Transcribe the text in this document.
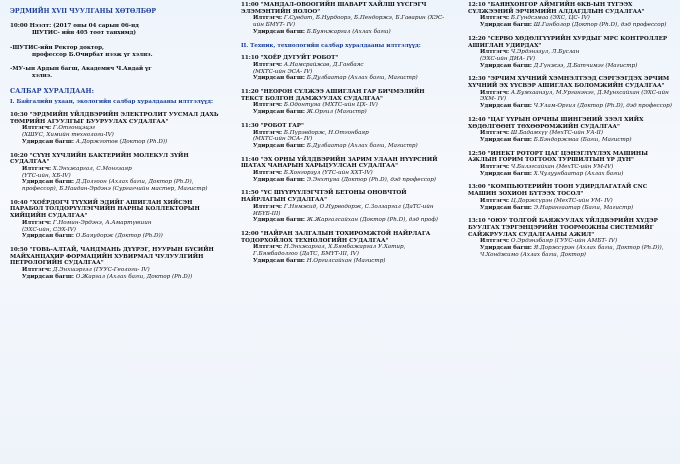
ЭРДМИЙН XVII ЧУУЛГАНЫ ХӨТӨЛБӨР
10:00 Нээлт: (2017 оны 04 сарын 06-нд
ШУТИС- ийн 405 тоот танхимд)
-ШУТИС-ийн Ректор доктор,
профессор Б.Очирбат нээж үг хэлнэ.
-МУ-ын Ардын багш, Академич Ч.Авдай үг
хэлнэ.
САЛБАР ХУРАЛДААН:
I. Байгалийн ухаан, экологийн салбар хуралдааны илтгэлүүд:
10:30 "ЭРДМИЙН ҮЙЛДВЭРИЙН ЭЛЕКТРОЛИТ УУСМАЛ ДАХЬ ТӨМРИЙН АГУУЛГЫГ БУУРУУЛАХ СУДАЛГАА"
Илтгэгч: Г.Отгонцэцэг
(ХШУС, Химийн технологи-IV)
Удирдсан багш: А.Доржготов (Доктор (Ph.D))
10:20 "СҮҮН ХҮЧЛИЙН БАКТЕРИЙН МОЛЕКУЛ ЗҮЙН СУДАЛГАА"
Илтгэгч: Х.Энхжаргал, С.Монгзаяр
(ҮТС-ийн, ХБ-IV)
Удирдсан багш: Д.Долгоон (Ахлах багш, Доктор (Ph.D), профессор), Б.Наидан-Эрдэнэ (Сургагчийн мастер, Магистр)
10:40 "ХОЁРДОГЧ ТҮҮХИЙ ЭДИЙГ АШИГЛАН ХИЙСЭН ПАРАБОЛ ТОЛДОРҮҮЛЭГЧИЙН НАРНЫ КОЛЛЕКТОРЫН ХИЙЦИЙН СУДАЛГАА"
Илтгэгч: Г.Номин-Эрдэнэ, А.Амартүвшин
(ЭХС-ийн, СЭХ-IV)
Удирдсан багш: О.Баяудорж (Доктор (Ph.D))
10:50 "ГОВЬ-АЛТАЙ, ЧАНДМАНЬ ДҮҮРЭГ, НУУРЫН БҮСИЙН МАЙХАНЦАХИР ФОРМАЦИЙН ХУВИРМАЛ ЧУЛУУЛГИЙН ПЕТРОЛОГИЙН СУДАЛГАА"
Илтгэгч: Д.Энхшэргэл (ГУУС-Геологи- IV)
Удирдсан багш: О.Жаргал (Ахлах багш, Доктор (Ph.D))
11:00 "МАНДАЛ-ОВООГИЙН ШАВАРТ ХАЙЛШ ҮҮСГЭГЧ ЭЛЭМЭНТИЙН ЯОЛОО"
Илтгэгч: Г.Сувдат, Б.Нурдоорэ, Б.Пендоржэ, Б.Гаварин (ХЭС-ийн БМҮТ- IV)
Удирдсан багш: Б.Буянжаргал (Ахлах багш)
II. Техник, технологийн салбар хуралдааны илтгэлүүд:
11:10 "ХОЁР ДУГУЙТ РОБОТ"
Илтгэгч: А.Намсрайжав, Д.Ганбаяс
(МХТС-ийн ЭСА- IV)
Удирдсан багш: Б.Дулбаатар (Ахлах багш, Магистр)
11:20 "НЕОРОН СҮЛЖЭЭ АШИГЛАН ГАР БИЧМЭЛИЙН ТЕКСТ БОЛГОН ДАМЖУУЛАХ СУДАЛГАА"
Илтгэгч: Б.Одонтуяа (МХТС-ийн ЦХ- IV)
Удирдсан багш: Ж.Оргил (Магистр)
11:30 "РОБОТ ГАР"
Илтгэгч: Б.Пүрэвдорж, Н.Отгонбаяр
(МХТС-ийн ЭСА- IV)
Удирдсан багш: Б.Дулбаатар (Ахлах багш, Магистр)
11:40 "ЭХ ОРНЫ ҮЙЛДВЭРИЙН ЗАРИМ УЛААН НҮҮРСНИЙ ШАТАХ ЧАНАРЫН ХАРЬЦУУЛСАН СУДАЛГАА"
Илтгэгч: Б.Хонгорзул (ҮТС-ийн ХХТ-IV)
Удирдсан багш: Э.Энхтуяа (Доктор (Ph.D), дэд профессор)
11:50 "ҮС ШҮҮРҮҮЛЭГЧТЭЙ БЕТОНЫ ОНОВЧТОЙ НАЙРЛАГЫН СУДАЛГАА"
Илтгэгч: Г.Нямжид, О.Нурводорж, С.Золзаргал (ДаТС-ийн ИБҮБ-III)
Удирдсан багш: Ж.Жаргалсайхан (Доктор (Ph.D), дэд проф)
12:00 "НАЙРАН ЗАЛГАЛЫН ТОХИРОМЖТОЙ НАЙРЛАГА ТОДОРХОЙЛОХ ТЕХНОЛОГИЙН СУДАЛГАА"
Илтгэгч: Н.Энхжаргал, Х.Бямбажаргал У.Хатир, Г.Бямбадолгоо (ДаТС, БМҮТ-III, IV)
Удирдсан багш: Н.Оргилсайхан (Магистр)
12:10 "БАЯНХОНГОР АЙМГИЙН 6КВ-ЫН ТҮГЭЭХ СҮЛЖЭЭНИЙ ЭРЧИМИЙН АЛДАГДЛЫН СУДАЛГАА"
Илтгэгч: Б.Гүндсэмаа (ЭХС, ЦС- IV)
Удирдсан багш: Ш.Ганболор (Доктор (Ph.D), дэд профессор)
12:20 "СЕРВО ХӨДӨЛГҮҮРИЙН ХУРДЫГ МРС КОНТРОЛЛЕР АШИГЛАН УДИРДАХ"
Илтгэгч: Ч.Эрдэнэзул, Л.Буслан
(ЭХС-ийн ДИА- IV)
Удирдсан багш: Д.Гүнжээ, Д.Батчимэг (Магистр)
12:30 "ЭРЧИМ ХҮЧНИЙ ХЭМНЭЛТЭЭД СЭРГЭЭГДЭХ ЭРЧИМ ХҮЧНИЙ ЭХ ҮҮСВЭР АШИГЛАХ БОЛОМЖИЙН СУДАЛГАА"
Илтгэгч: А.Бумхаанзул, М.Урганэнэг, Д.Мунхсайхан (ЭХС-ийн ЭХМ- IV)
Удирдсан багш: Ч.Улам-Оргил (Доктор (Ph.D), дэд профессор)
12:40 "ЦАГ ҮҮРЫН ОРЧНЫ ШИНГЭНИЙ ЗЭЭЛ ХИЙХ ХӨДӨЛГӨӨНТ ТӨХӨӨРӨМЖИЙН СУДАЛГАА"
Илтгэгч: Ш.Бадамхүү (МехТС-ийн УА-II)
Удирдсан багш: Б.Бэндоржмаа (Багш, Магистр)
12:50 "ИНЕКТ РОТОРТ ЦАГ ЦЭНЭГЛҮҮЛЭХ МАШИНЫ АЖЛЫН ГОРИМ ТОГТООХ ТУРШИЛТЫН ҮР ДҮН"
Илтгэгч: Ч.Билэгсайхан (МехТС-ийн УМ-IV)
Удирдсан багш: Х.Чулуунбаатар (Ахлах багш)
13:00 "КОМПЬЮТЕРИЙН ТООН УДИРДЛАГАТАЙ CNC МАШИН ЗОХИОН БҮТЭЭХ ТОСОЛ"
Илтгэгч: Ц.Доржсүрэн (МехТС-ийн УМ- IV)
Удирдсан багш: Э.Нарангаатар (Багш, Магистр)
13:10 "ОЮУ ТОЛГОЙ БАЯЖУУЛАХ ҮЙЛДВЭРИЙН ХҮДЭР БУУЛГАХ ТЭРГЭНЦЭРИЙН ТООРМОЖНЫ СИСТЕМИЙГ САЙЖРУУЛАХ СУДАЛГААНЫ АЖИЛ"
Илтгэгч: О.Эрдэнэбаяр (ГУУС-ийн АМБТ- IV)
Удирдсан багш: Я.Доржсүрэн (Ахлах багш, Доктор (Ph.D)), Ч.Хонджимо (Ахлах багш, Доктор)
